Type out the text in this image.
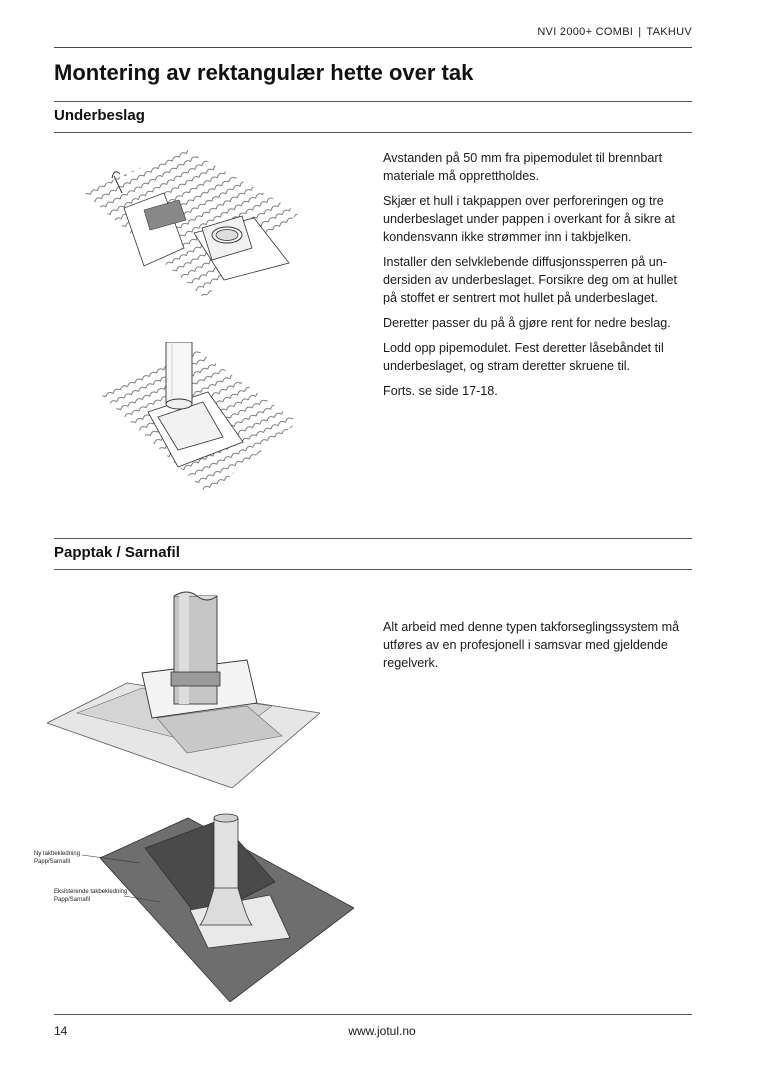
NVI 2000+ COMBI | TAKHUV
Montering av rektangulær hette over tak
Underbeslag

Avstanden på 50 mm fra pipemodulet til brennbart materiale må opprettholdes.

Skjær et hull i takpappen over perforeringen og tre underbeslaget under pappen i overkant for å sikre at kondensvann ikke strømmer inn i takbjelken.

Installer den selvklebende diffusjonssperren på un-dersiden av underbeslaget. Forsikre deg om at hullet på stoffet er sentrert mot hullet på underbeslaget.

Deretter passer du på å gjøre rent for nedre beslag.

Lodd opp pipemodulet. Fest deretter låsebåndet til underbeslaget, og stram deretter skruene til.

Forts. se side 17-18.

Papptak / Sarnafil
Ny takbekledning
Papp/Sarnafil
Eksisterende takbekledning
Papp/Sarnafil

Alt arbeid med denne typen takforseglingssystem må utføres av en profesjonell i samsvar med gjeldende regelverk.

14	www.jotul.no
